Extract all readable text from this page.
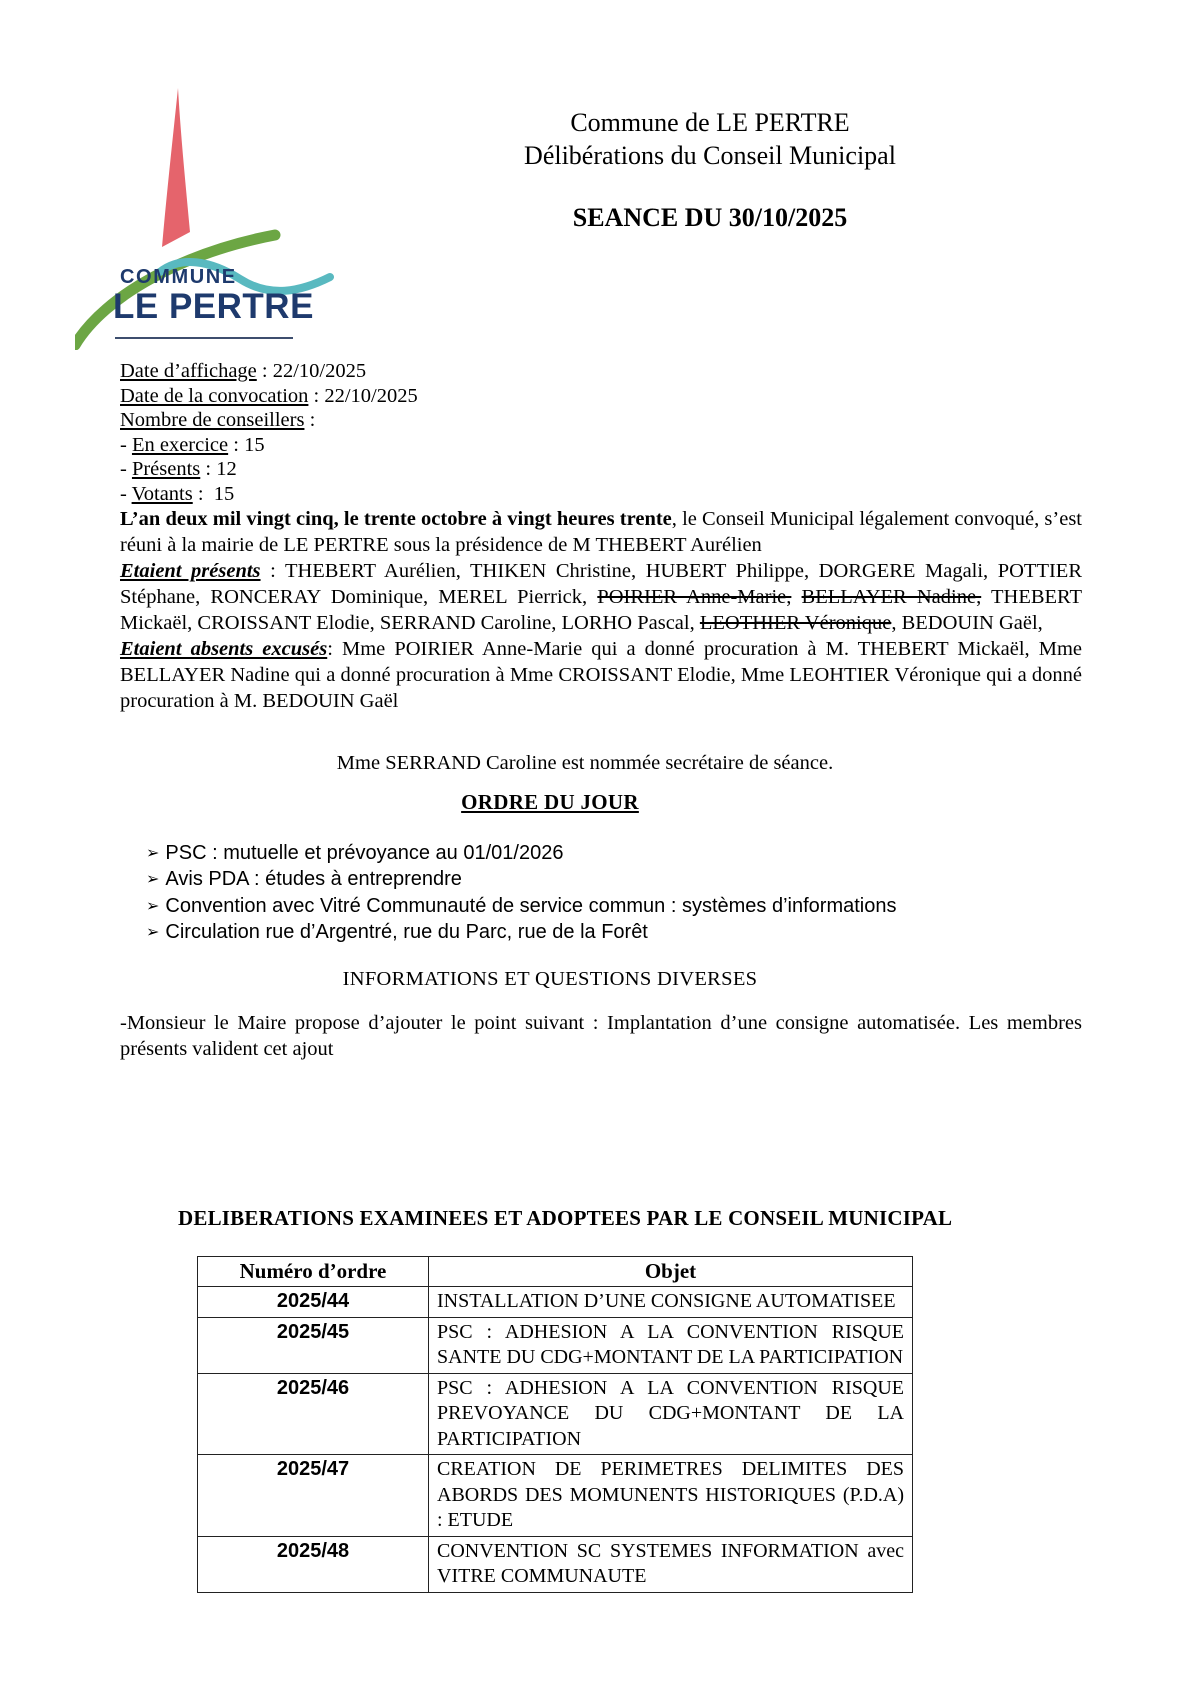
COMMUNE
LE PERTRE
Commune de LE PERTRE
Délibérations du Conseil Municipal
SEANCE DU 30/10/2025
Date d’affichage : 22/10/2025
Date de la convocation : 22/10/2025
Nombre de conseillers :
- En exercice : 15
- Présents : 12
- Votants :  15

L’an deux mil vingt cinq, le trente octobre à vingt heures trente, le Conseil Municipal légalement convoqué, s’est réuni à la mairie de LE PERTRE sous la présidence de M THEBERT Aurélien

Etaient présents : THEBERT Aurélien, THIKEN Christine, HUBERT Philippe, DORGERE Magali, POTTIER Stéphane, RONCERAY Dominique, MEREL Pierrick, POIRIER Anne-Marie, BELLAYER Nadine, THEBERT Mickaël, CROISSANT Elodie, SERRAND Caroline, LORHO Pascal, LEOTHIER Véronique, BEDOUIN Gaël,

Etaient absents excusés: Mme POIRIER Anne-Marie qui a donné procuration à M. THEBERT Mickaël, Mme BELLAYER Nadine qui a donné procuration à Mme CROISSANT Elodie, Mme LEOHTIER Véronique qui a donné procuration à M. BEDOUIN Gaël

Mme SERRAND Caroline est nommée secrétaire de séance.
ORDRE DU JOUR
➢ PSC : mutuelle et prévoyance au 01/01/2026
➢ Avis PDA : études à entreprendre
➢ Convention avec Vitré Communauté de service commun : systèmes d’informations
➢ Circulation rue d’Argentré, rue du Parc, rue de la Forêt
INFORMATIONS ET QUESTIONS DIVERSES
-Monsieur le Maire propose d’ajouter le point suivant : Implantation d’une consigne automatisée. Les membres présents valident cet ajout
DELIBERATIONS EXAMINEES ET ADOPTEES PAR LE CONSEIL MUNICIPAL
Numéro d’ordre	Objet
2025/44	INSTALLATION D’UNE CONSIGNE AUTOMATISEE
2025/45	PSC : ADHESION A LA CONVENTION RISQUE SANTE DU CDG+MONTANT DE LA PARTICIPATION
2025/46	PSC : ADHESION A LA CONVENTION RISQUE PREVOYANCE DU CDG+MONTANT DE LA PARTICIPATION
2025/47	CREATION DE PERIMETRES DELIMITES DES ABORDS DES MOMUNENTS HISTORIQUES (P.D.A) : ETUDE
2025/48	CONVENTION SC SYSTEMES INFORMATION avec VITRE COMMUNAUTE
